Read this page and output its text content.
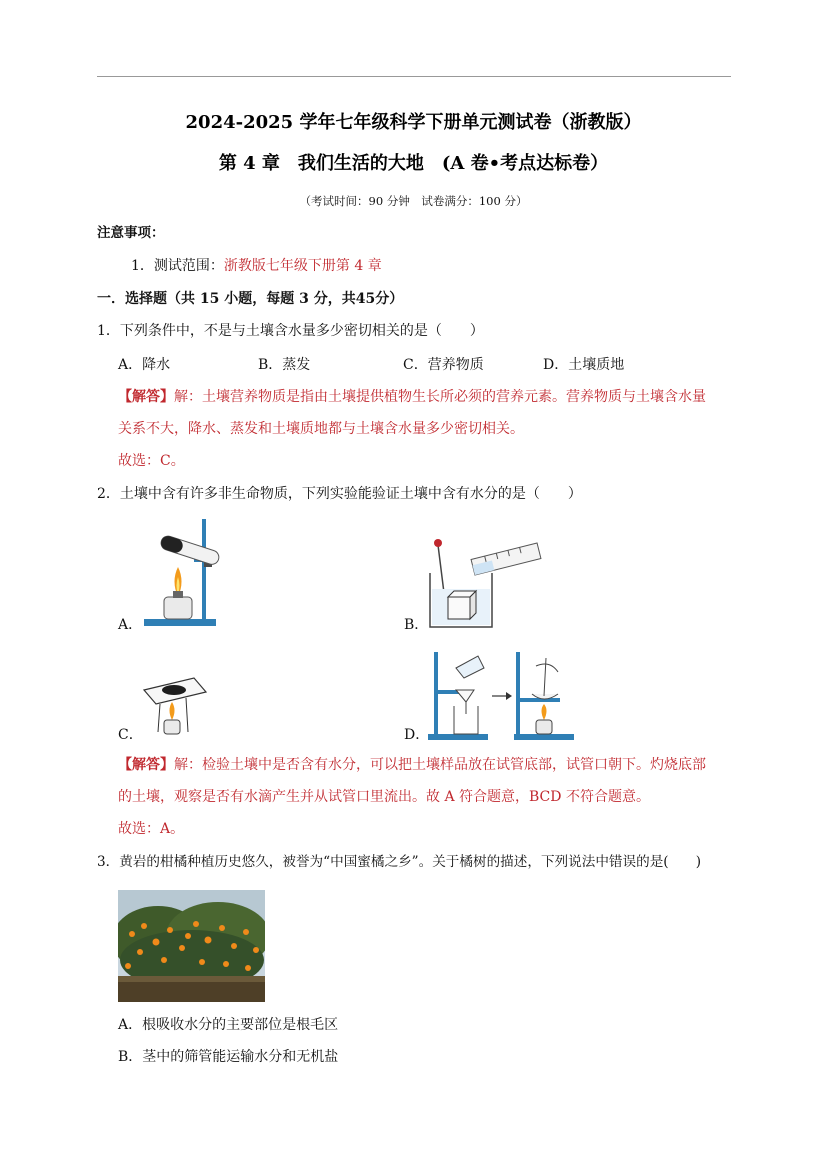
2024-2025 学年七年级科学下册单元测试卷（浙教版）
第 4 章　我们生活的大地　(A 卷•考点达标卷）
（考试时间：90 分钟　试卷满分：100 分）
注意事项：
1．测试范围：浙教版七年级下册第 4 章
一．选择题（共 15 小题，每题 3 分，共45分）
1．下列条件中，不是与土壤含水量多少密切相关的是（　　）
A．降水	B．蒸发	C．营养物质	D．土壤质地
【解答】解：土壤营养物质是指由土壤提供植物生长所必须的营养元素。营养物质与土壤含水量
关系不大，降水、蒸发和土壤质地都与土壤含水量多少密切相关。
故选：C。
2．土壤中含有许多非生命物质，下列实验能验证土壤中含有水分的是（　　）
A．	B．
C．	D．
【解答】解：检验土壤中是否含有水分，可以把土壤样品放在试管底部，试管口朝下。灼烧底部
的土壤，观察是否有水滴产生并从试管口里流出。故 A 符合题意，BCD 不符合题意。
故选：A。
3．黄岩的柑橘种植历史悠久，被誉为“中国蜜橘之乡”。关于橘树的描述，下列说法中错误的是(　　)
A．根吸收水分的主要部位是根毛区
B．茎中的筛管能运输水分和无机盐
